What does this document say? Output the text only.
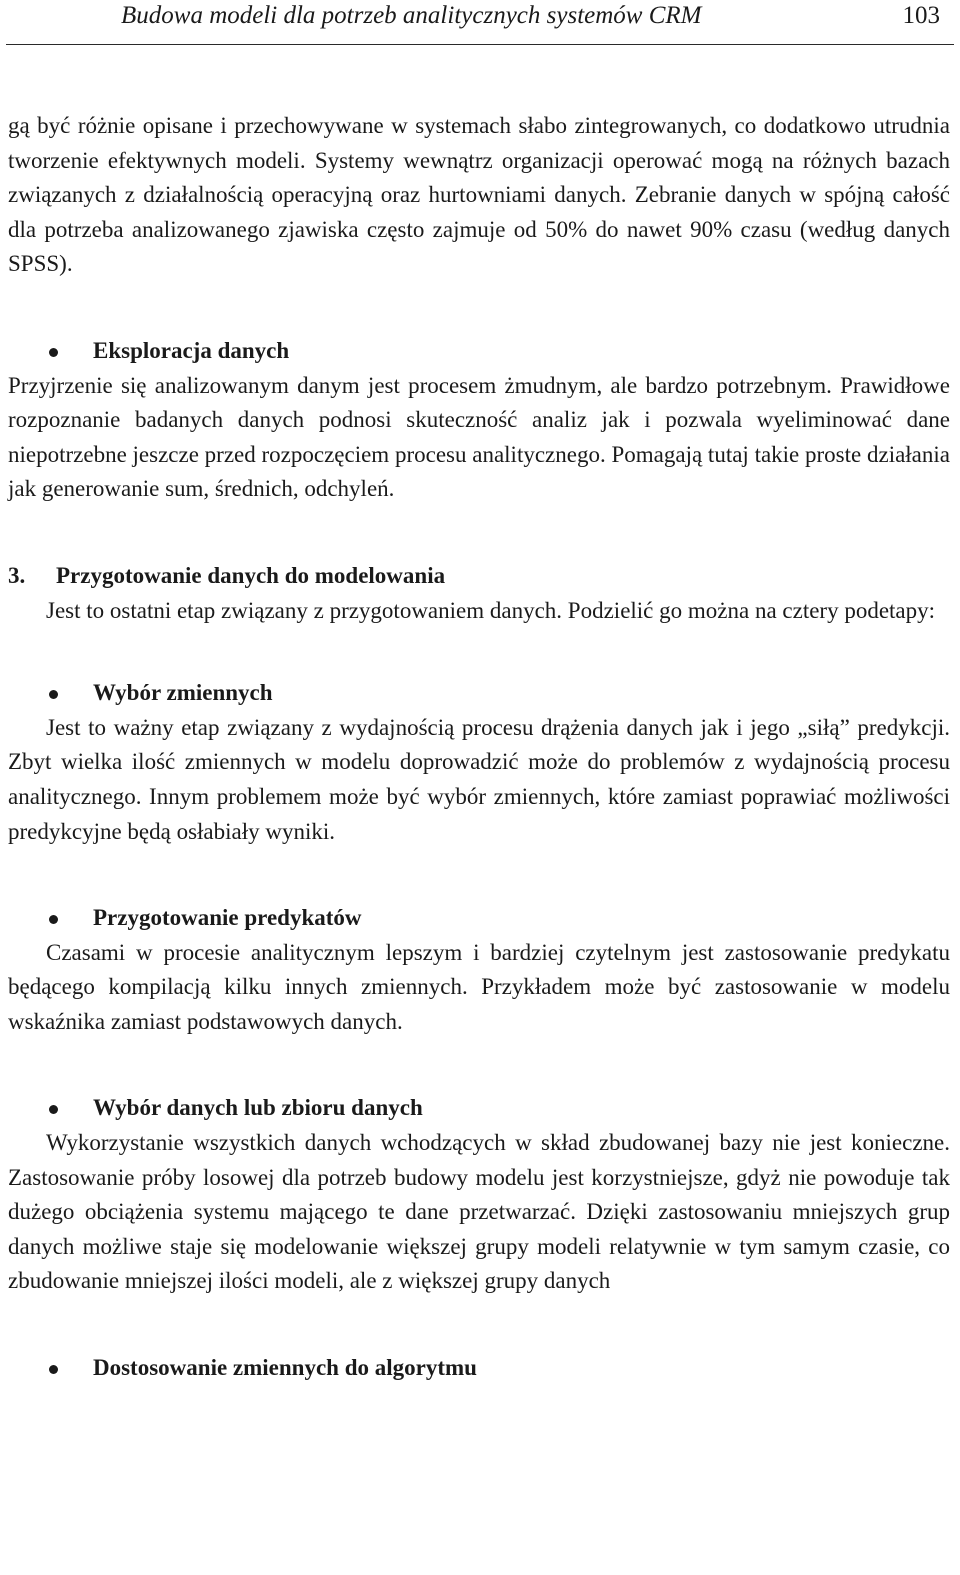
Budowa modeli dla potrzeb analitycznych systemów CRM	103

gą być różnie opisane i przechowywane w systemach słabo zintegrowanych, co dodatkowo utrudnia tworzenie efektywnych modeli. Systemy wewnątrz organizacji operować mogą na różnych bazach związanych z działalnością operacyjną oraz hurtowniami danych. Zebranie danych w spójną całość dla potrzeba analizowanego zjawiska często zajmuje od 50% do nawet 90% czasu (według danych SPSS).

Eksploracja danych

Przyjrzenie się analizowanym danym jest procesem żmudnym, ale bardzo potrzebnym. Prawidłowe rozpoznanie badanych danych podnosi skuteczność analiz jak i pozwala wyeliminować dane niepotrzebne jeszcze przed rozpoczęciem procesu analitycznego. Pomagają tutaj takie proste działania jak generowanie sum, średnich, odchyleń.

3. Przygotowanie danych do modelowania

Jest to ostatni etap związany z przygotowaniem danych. Podzielić go można na cztery podetapy:

Wybór zmiennych

Jest to ważny etap związany z wydajnością procesu drążenia danych jak i jego „siłą” predykcji. Zbyt wielka ilość zmiennych w modelu doprowadzić może do problemów z wydajnością procesu analitycznego. Innym problemem może być wybór zmiennych, które zamiast poprawiać możliwości predykcyjne będą osłabiały wyniki.

Przygotowanie predykatów

Czasami w procesie analitycznym lepszym i bardziej czytelnym jest zastosowanie predykatu będącego kompilacją kilku innych zmiennych. Przykładem może być zastosowanie w modelu wskaźnika zamiast podstawowych danych.

Wybór danych lub zbioru danych

Wykorzystanie wszystkich danych wchodzących w skład zbudowanej bazy nie jest konieczne. Zastosowanie próby losowej dla potrzeb budowy modelu jest korzystniejsze, gdyż nie powoduje tak dużego obciążenia systemu mającego te dane przetwarzać. Dzięki zastosowaniu mniejszych grup danych możliwe staje się modelowanie większej grupy modeli relatywnie w tym samym czasie, co zbudowanie mniejszej ilości modeli, ale z większej grupy danych

Dostosowanie zmiennych do algorytmu
